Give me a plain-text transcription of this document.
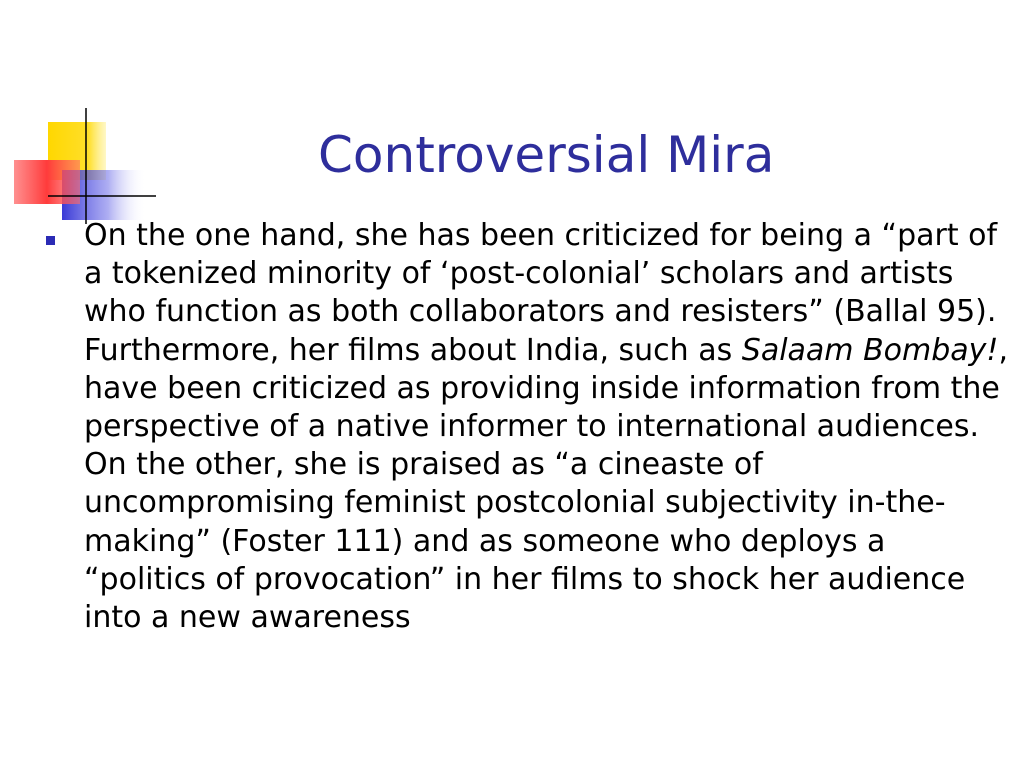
Controversial Mira

On the one hand, she has been criticized for being a “part of a tokenized minority of ‘post-colonial’ scholars and artists who function as both collaborators and resisters” (Ballal 95). Furthermore, her films about India, such as Salaam Bombay!, have been criticized as providing inside information from the perspective of a native informer to international audiences. On the other, she is praised as “a cineaste of uncompromising feminist postcolonial subjectivity in-the-making” (Foster 111) and as someone who deploys a “politics of provocation” in her films to shock her audience into a new awareness
